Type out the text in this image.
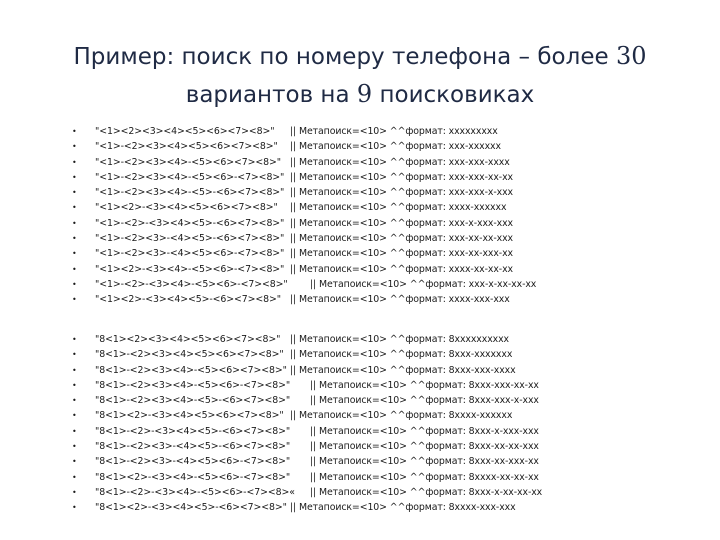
Пример: поиск по номеру телефона – более 30
вариантов на 9 поисковиках
• "<1><2><3><4><5><6><7><8>" || Метапоиск=<10> ^^формат: xxxxxxxxx
• "<1>-<2><3><4><5><6><7><8>" || Метапоиск=<10> ^^формат: xxx-xxxxxx
• "<1>-<2><3><4>-<5><6><7><8>" || Метапоиск=<10> ^^формат: xxx-xxx-xxxx
• "<1>-<2><3><4>-<5><6>-<7><8>" || Метапоиск=<10> ^^формат: xxx-xxx-xx-xx
• "<1>-<2><3><4>-<5>-<6><7><8>" || Метапоиск=<10> ^^формат: xxx-xxx-x-xxx
• "<1><2>-<3><4><5><6><7><8>" || Метапоиск=<10> ^^формат: xxxx-xxxxxx
• "<1>-<2>-<3><4><5>-<6><7><8>" || Метапоиск=<10> ^^формат: xxx-x-xxx-xxx
• "<1>-<2><3>-<4><5>-<6><7><8>" || Метапоиск=<10> ^^формат: xxx-xx-xx-xxx
• "<1>-<2><3>-<4><5><6>-<7><8>" || Метапоиск=<10> ^^формат: xxx-xx-xxx-xx
• "<1><2>-<3><4>-<5><6>-<7><8>" || Метапоиск=<10> ^^формат: xxxx-xx-xx-xx
• "<1>-<2>-<3><4>-<5><6>-<7><8>" || Метапоиск=<10> ^^формат: xxx-x-xx-xx-xx
• "<1><2>-<3><4><5>-<6><7><8>" || Метапоиск=<10> ^^формат: xxxx-xxx-xxx
• "8<1><2><3><4><5><6><7><8>" || Метапоиск=<10> ^^формат: 8xxxxxxxxxx
• "8<1>-<2><3><4><5><6><7><8>" || Метапоиск=<10> ^^формат: 8xxx-xxxxxxx
• "8<1>-<2><3><4>-<5><6><7><8>" || Метапоиск=<10> ^^формат: 8xxx-xxx-xxxx
• "8<1>-<2><3><4>-<5><6>-<7><8>" || Метапоиск=<10> ^^формат: 8xxx-xxx-xx-xx
• "8<1>-<2><3><4>-<5>-<6><7><8>" || Метапоиск=<10> ^^формат: 8xxx-xxx-x-xxx
• "8<1><2>-<3><4><5><6><7><8>" || Метапоиск=<10> ^^формат: 8xxxx-xxxxxx
• "8<1>-<2>-<3><4><5>-<6><7><8>" || Метапоиск=<10> ^^формат: 8xxx-x-xxx-xxx
• "8<1>-<2><3>-<4><5>-<6><7><8>" || Метапоиск=<10> ^^формат: 8xxx-xx-xx-xxx
• "8<1>-<2><3>-<4><5><6>-<7><8>" || Метапоиск=<10> ^^формат: 8xxx-xx-xxx-xx
• "8<1><2>-<3><4>-<5><6>-<7><8>" || Метапоиск=<10> ^^формат: 8xxxx-xx-xx-xx
• "8<1>-<2>-<3><4>-<5><6>-<7><8>« || Метапоиск=<10> ^^формат: 8xxx-x-xx-xx-xx
• "8<1><2>-<3><4><5>-<6><7><8>" || Метапоиск=<10> ^^формат: 8xxxx-xxx-xxx
